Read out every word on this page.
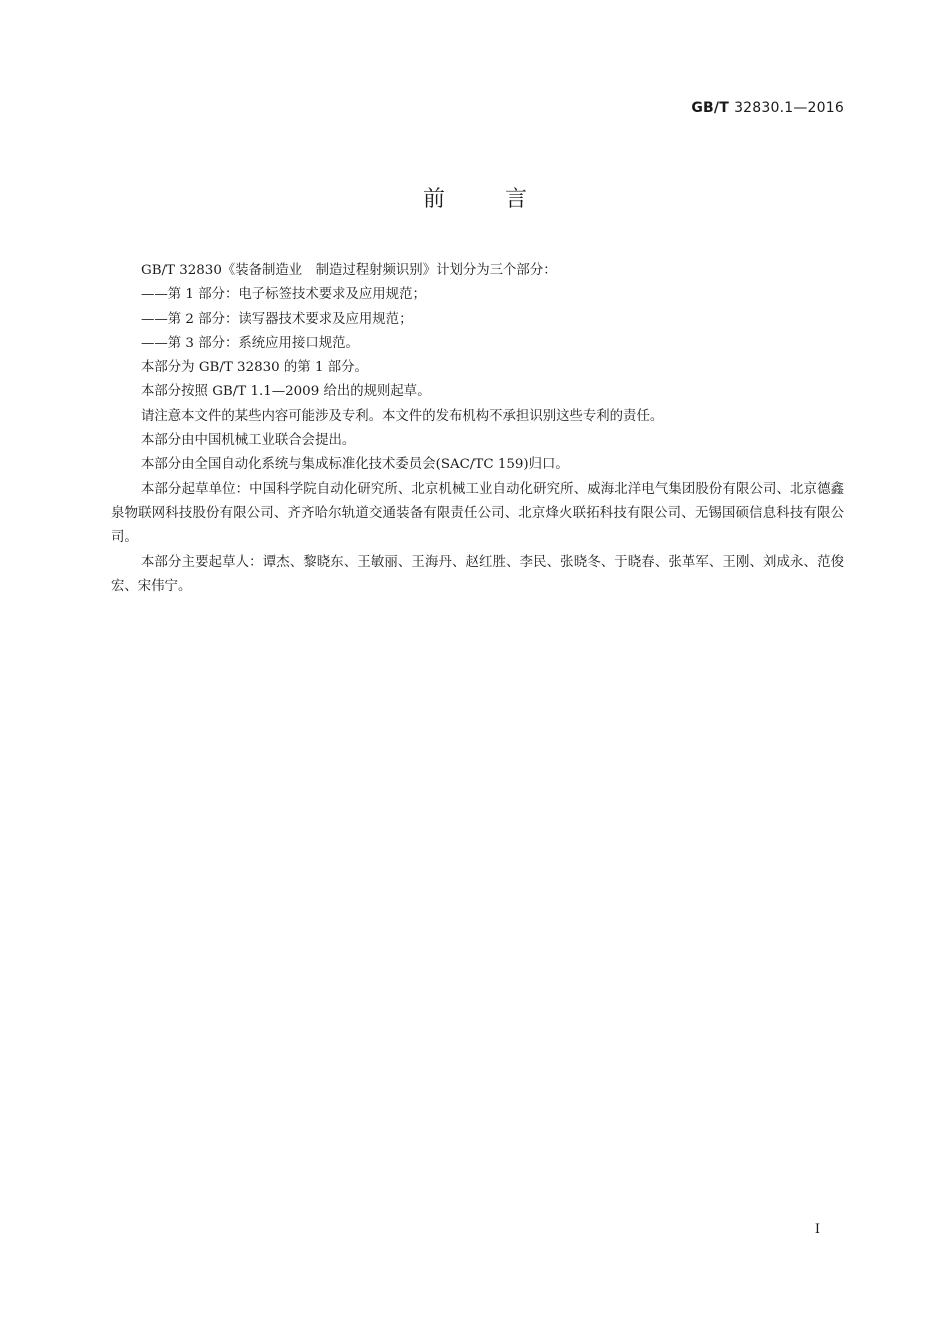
GB/T 32830.1—2016
前言

GB/T 32830《装备制造业　制造过程射频识别》计划分为三个部分：

——第 1 部分：电子标签技术要求及应用规范；

——第 2 部分：读写器技术要求及应用规范；

——第 3 部分：系统应用接口规范。

本部分为 GB/T 32830 的第 1 部分。

本部分按照 GB/T 1.1—2009 给出的规则起草。

请注意本文件的某些内容可能涉及专利。本文件的发布机构不承担识别这些专利的责任。

本部分由中国机械工业联合会提出。

本部分由全国自动化系统与集成标准化技术委员会(SAC/TC 159)归口。

本部分起草单位：中国科学院自动化研究所、北京机械工业自动化研究所、威海北洋电气集团股份有限公司、北京德鑫泉物联网科技股份有限公司、齐齐哈尔轨道交通装备有限责任公司、北京烽火联拓科技有限公司、无锡国硕信息科技有限公司。

本部分主要起草人：谭杰、黎晓东、王敏丽、王海丹、赵红胜、李民、张晓冬、于晓春、张革军、王刚、刘成永、范俊宏、宋伟宁。

I
